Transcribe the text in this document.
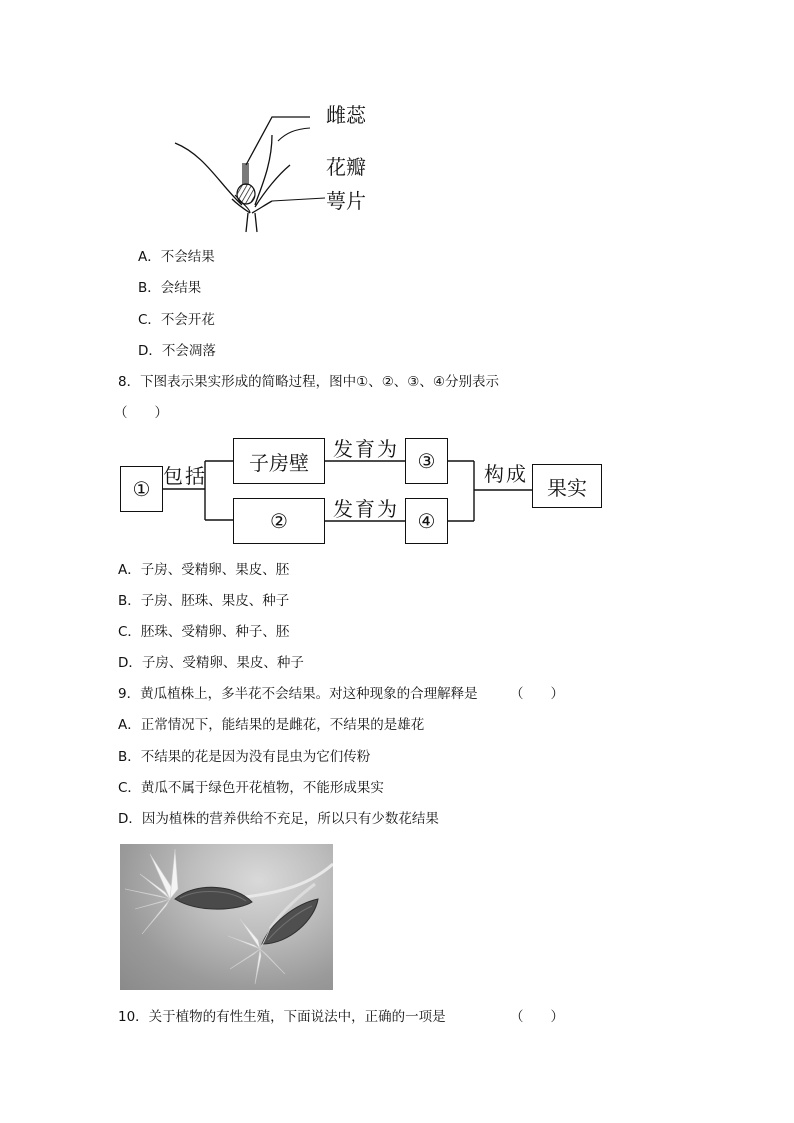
雌蕊
花瓣
萼片
A．不会结果
B．会结果
C．不会开花
D．不会凋落
8．下图表示果实形成的简略过程，图中①、②、③、④分别表示
（　　）
①
包括
子房壁
发育为 ③
②	发育为 ④
构成
果实
A．子房、受精卵、果皮、胚
B．子房、胚珠、果皮、种子
C．胚珠、受精卵、种子、胚
D．子房、受精卵、果皮、种子
9．黄瓜植株上，多半花不会结果。对这种现象的合理解释是 （　　）
A．正常情况下，能结果的是雌花，不结果的是雄花
B．不结果的花是因为没有昆虫为它们传粉
C．黄瓜不属于绿色开花植物，不能形成果实
D．因为植株的营养供给不充足，所以只有少数花结果
10．关于植物的有性生殖，下面说法中，正确的一项是	（　　）
